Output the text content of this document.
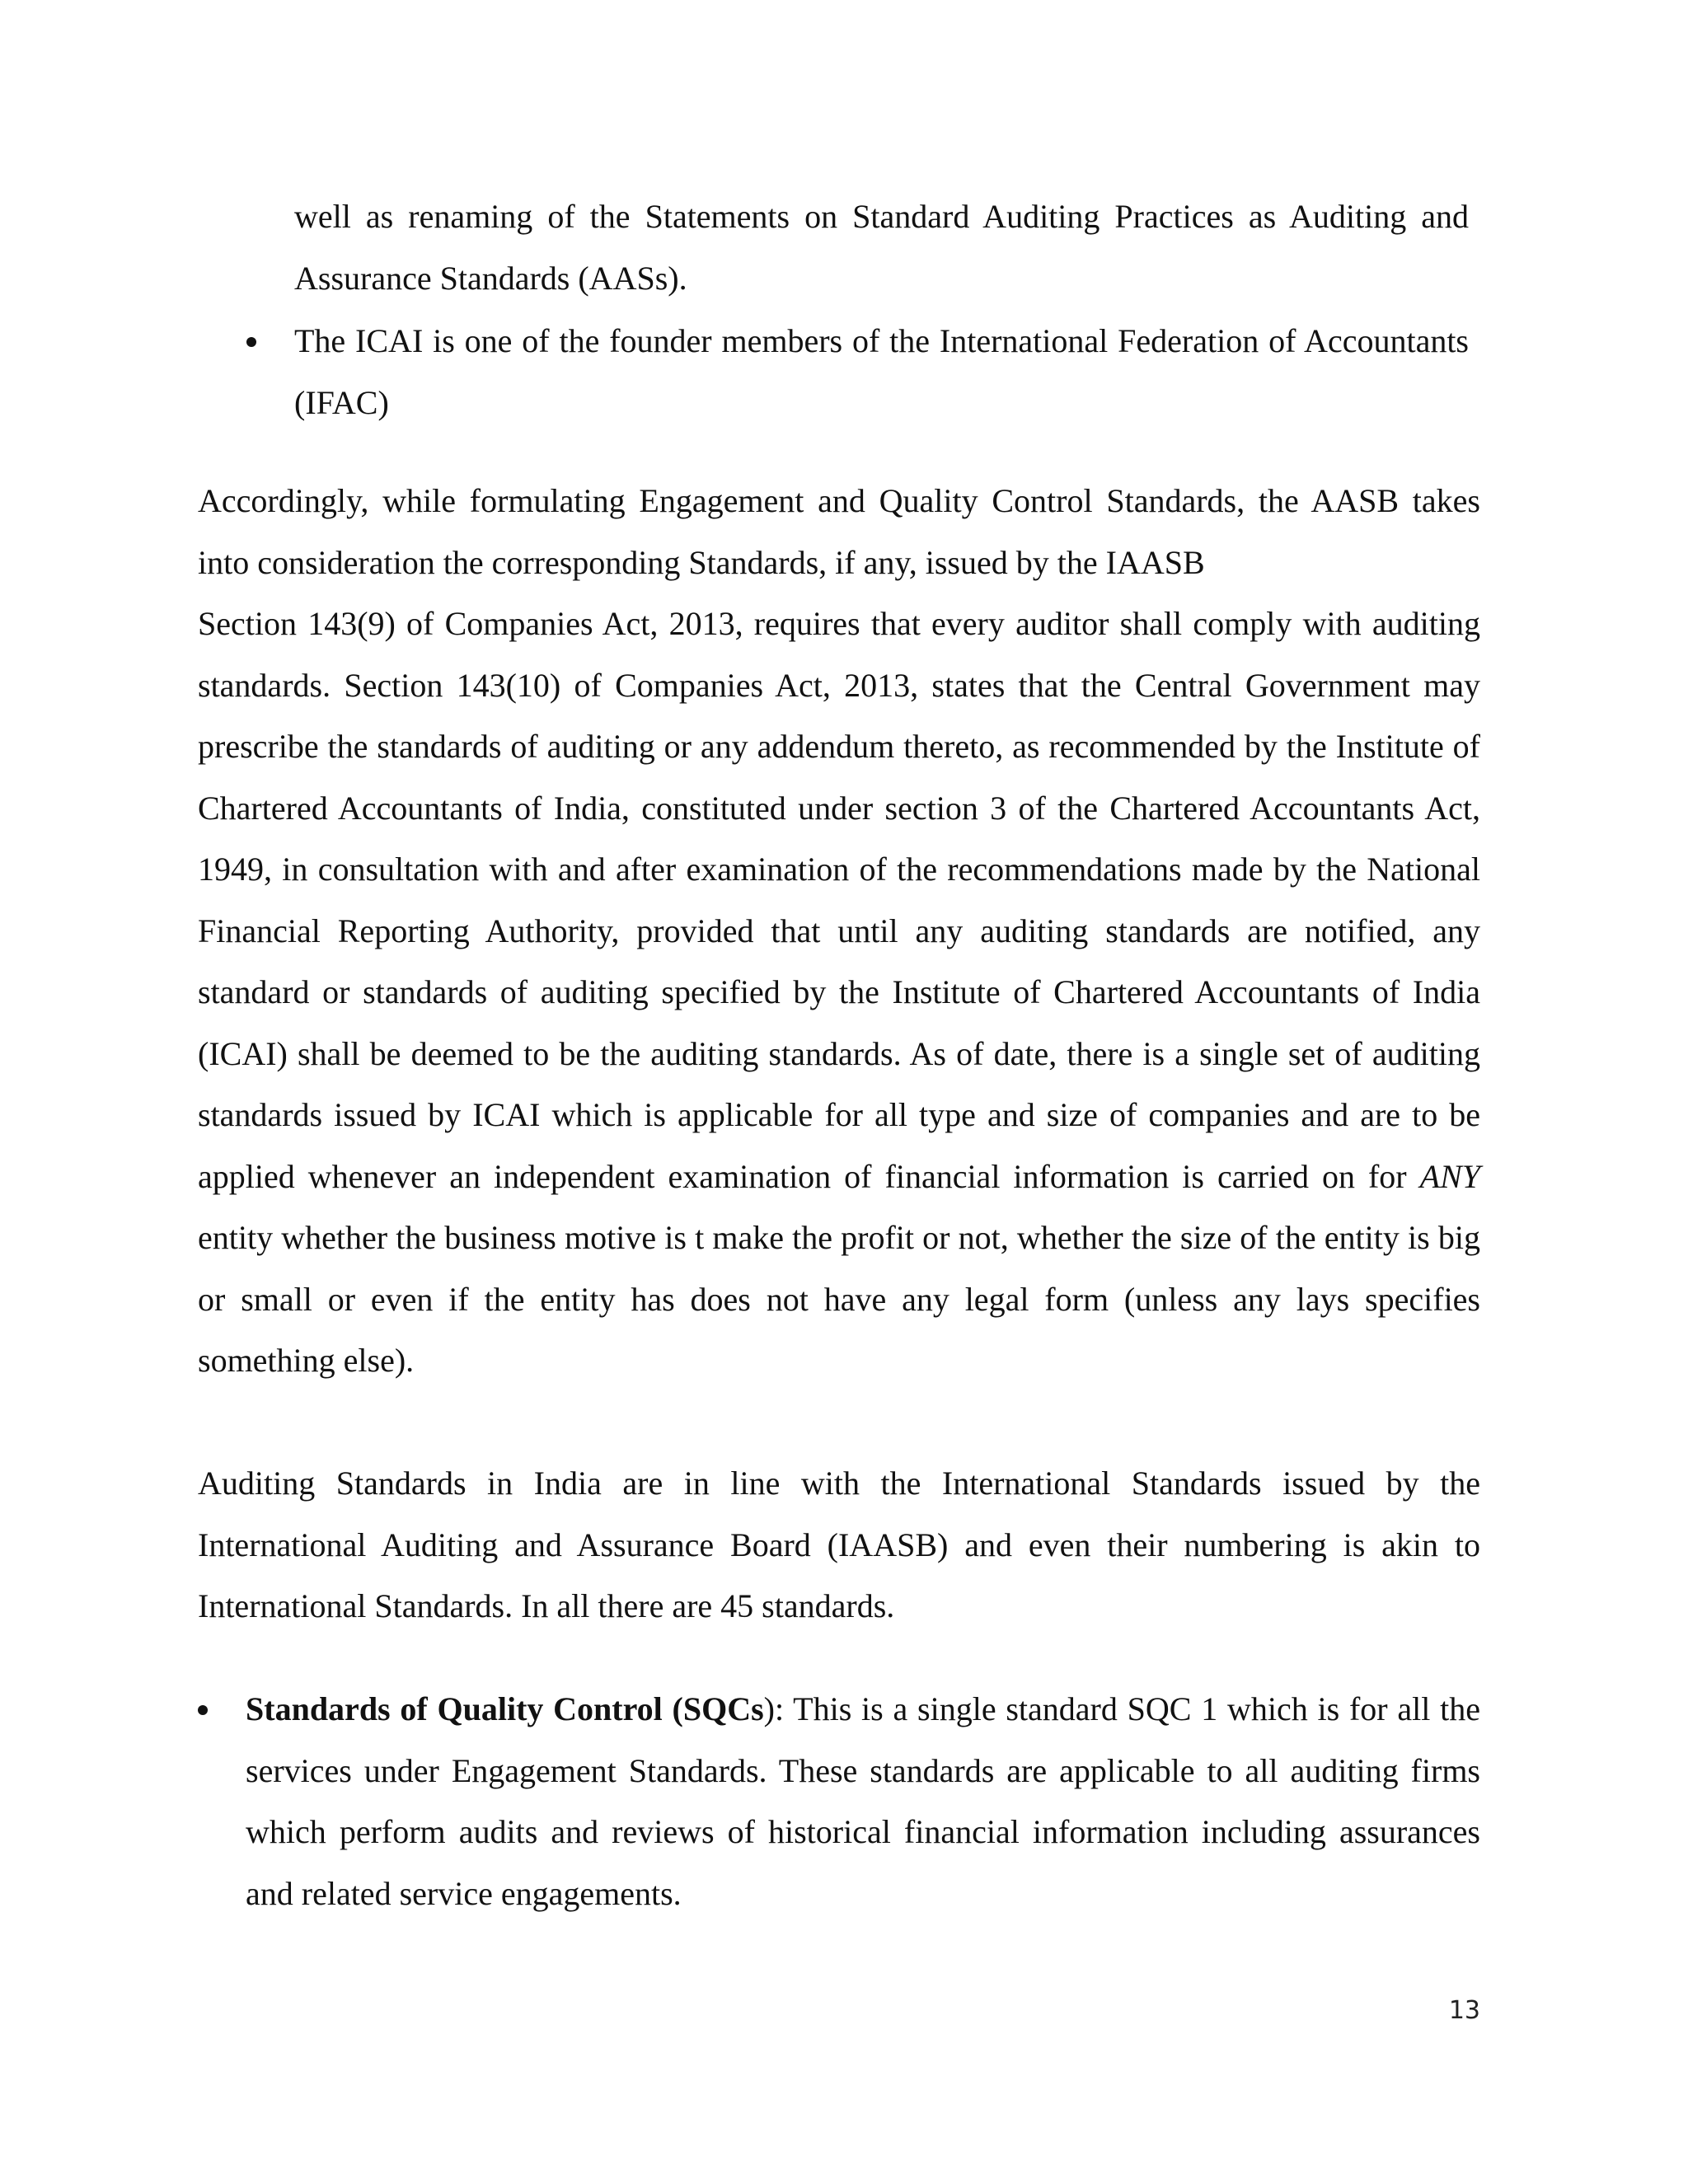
well as renaming of the Statements on Standard Auditing Practices as Auditing and Assurance Standards (AASs).

The ICAI is one of the founder members of the International Federation of Accountants (IFAC)

Accordingly, while formulating Engagement and Quality Control Standards, the AASB takes into consideration the corresponding Standards, if any, issued by the IAASB

Section 143(9) of Companies Act, 2013, requires that every auditor shall comply with auditing standards. Section 143(10) of Companies Act, 2013, states that the Central Government may prescribe the standards of auditing or any addendum thereto, as recommended by the Institute of Chartered Accountants of India, constituted under section 3 of the Chartered Accountants Act, 1949, in consultation with and after examination of the recommendations made by the National Financial Reporting Authority, provided that until any auditing standards are notified, any standard or standards of auditing specified by the Institute of Chartered Accountants of India (ICAI) shall be deemed to be the auditing standards. As of date, there is a single set of auditing standards issued by ICAI which is applicable for all type and size of companies and are to be applied whenever an independent examination of financial information is carried on for ANY entity whether the business motive is t make the profit or not, whether the size of the entity is big or small or even if the entity has does not have any legal form (unless any lays specifies something else).

Auditing Standards in India are in line with the International Standards issued by the International Auditing and Assurance Board (IAASB) and even their numbering is akin to International Standards. In all there are 45 standards.

Standards of Quality Control (SQCs): This is a single standard SQC 1 which is for all the services under Engagement Standards. These standards are applicable to all auditing firms which perform audits and reviews of historical financial information including assurances and related service engagements.

13
